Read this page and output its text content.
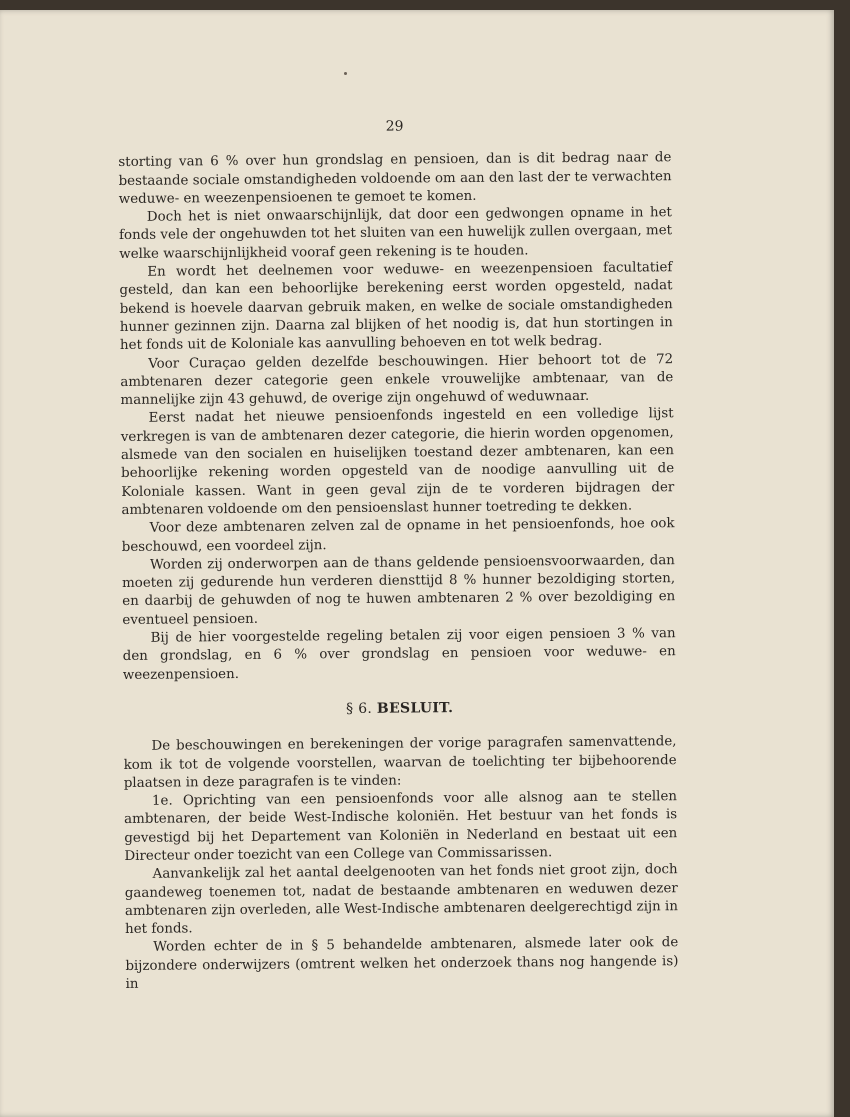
29

storting van 6 % over hun grondslag en pensioen, dan is dit bedrag naar de bestaande sociale omstandigheden voldoende om aan den last der te verwachten weduwe- en weezenpensioenen te gemoet te komen.

Doch het is niet onwaarschijnlijk, dat door een gedwongen opname in het fonds vele der ongehuwden tot het sluiten van een huwelijk zullen overgaan, met welke waarschijnlijkheid vooraf geen rekening is te houden.

En wordt het deelnemen voor weduwe- en weezenpensioen facultatief gesteld, dan kan een behoorlijke berekening eerst worden opgesteld, nadat bekend is hoevele daarvan gebruik maken, en welke de sociale omstandigheden hunner gezinnen zijn. Daarna zal blijken of het noodig is, dat hun stortingen in het fonds uit de Koloniale kas aanvulling behoeven en tot welk bedrag.

Voor Curaçao gelden dezelfde beschouwingen. Hier behoort tot de 72 ambtenaren dezer categorie geen enkele vrouwelijke ambtenaar, van de mannelijke zijn 43 gehuwd, de overige zijn ongehuwd of weduwnaar.

Eerst nadat het nieuwe pensioenfonds ingesteld en een volledige lijst verkregen is van de ambtenaren dezer categorie, die hierin worden opgenomen, alsmede van den socialen en huiselijken toestand dezer ambtenaren, kan een behoorlijke rekening worden opgesteld van de noodige aanvulling uit de Koloniale kassen. Want in geen geval zijn de te vorderen bijdragen der ambtenaren voldoende om den pensioenslast hunner toetreding te dekken.

Voor deze ambtenaren zelven zal de opname in het pensioenfonds, hoe ook beschouwd, een voordeel zijn.

Worden zij onderworpen aan de thans geldende pensioensvoorwaarden, dan moeten zij gedurende hun verderen diensttijd 8 % hunner bezoldiging storten, en daarbij de gehuwden of nog te huwen ambtenaren 2 % over bezoldiging en eventueel pensioen.

Bij de hier voorgestelde regeling betalen zij voor eigen pensioen 3 % van den grondslag, en 6 % over grondslag en pensioen voor weduwe- en weezenpensioen.

§ 6. BESLUIT.

De beschouwingen en berekeningen der vorige paragrafen samenvattende, kom ik tot de volgende voorstellen, waarvan de toelichting ter bijbehoorende plaatsen in deze paragrafen is te vinden:

1e. Oprichting van een pensioenfonds voor alle alsnog aan te stellen ambtenaren, der beide West-Indische koloniën. Het bestuur van het fonds is gevestigd bij het Departement van Koloniën in Nederland en bestaat uit een Directeur onder toezicht van een College van Commissarissen.

Aanvankelijk zal het aantal deelgenooten van het fonds niet groot zijn, doch gaandeweg toenemen tot, nadat de bestaande ambtenaren en weduwen dezer ambtenaren zijn overleden, alle West-Indische ambtenaren deelgerechtigd zijn in het fonds.

Worden echter de in § 5 behandelde ambtenaren, alsmede later ook de bijzondere onderwijzers (omtrent welken het onderzoek thans nog hangende is) in
